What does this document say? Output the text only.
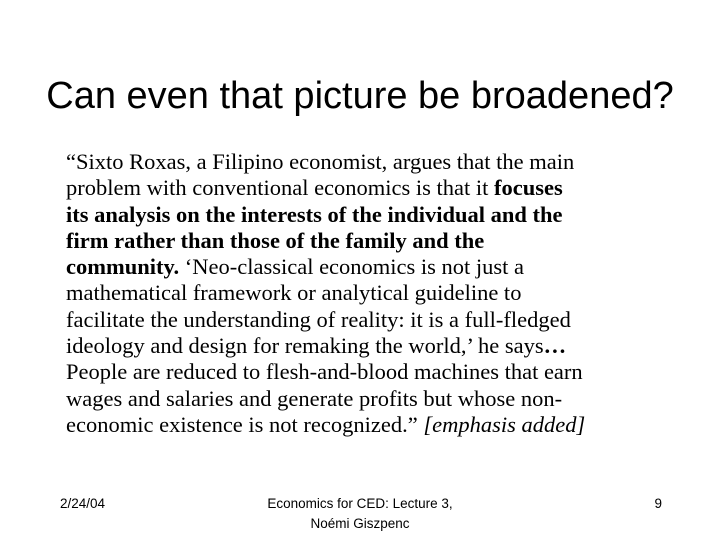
Can even that picture be broadened?
“Sixto Roxas, a Filipino economist, argues that the main
problem with conventional economics is that it focuses
its analysis on the interests of the individual and the
firm rather than those of the family and the
community. ‘Neo-classical economics is not just a
mathematical framework or analytical guideline to
facilitate the understanding of reality: it is a full-fledged
ideology and design for remaking the world,’ he says…
People are reduced to flesh-and-blood machines that earn
wages and salaries and generate profits but whose non-
economic existence is not recognized.” [emphasis added]
2/24/04	Economics for CED: Lecture 3,
Noémi Giszpenc
9
